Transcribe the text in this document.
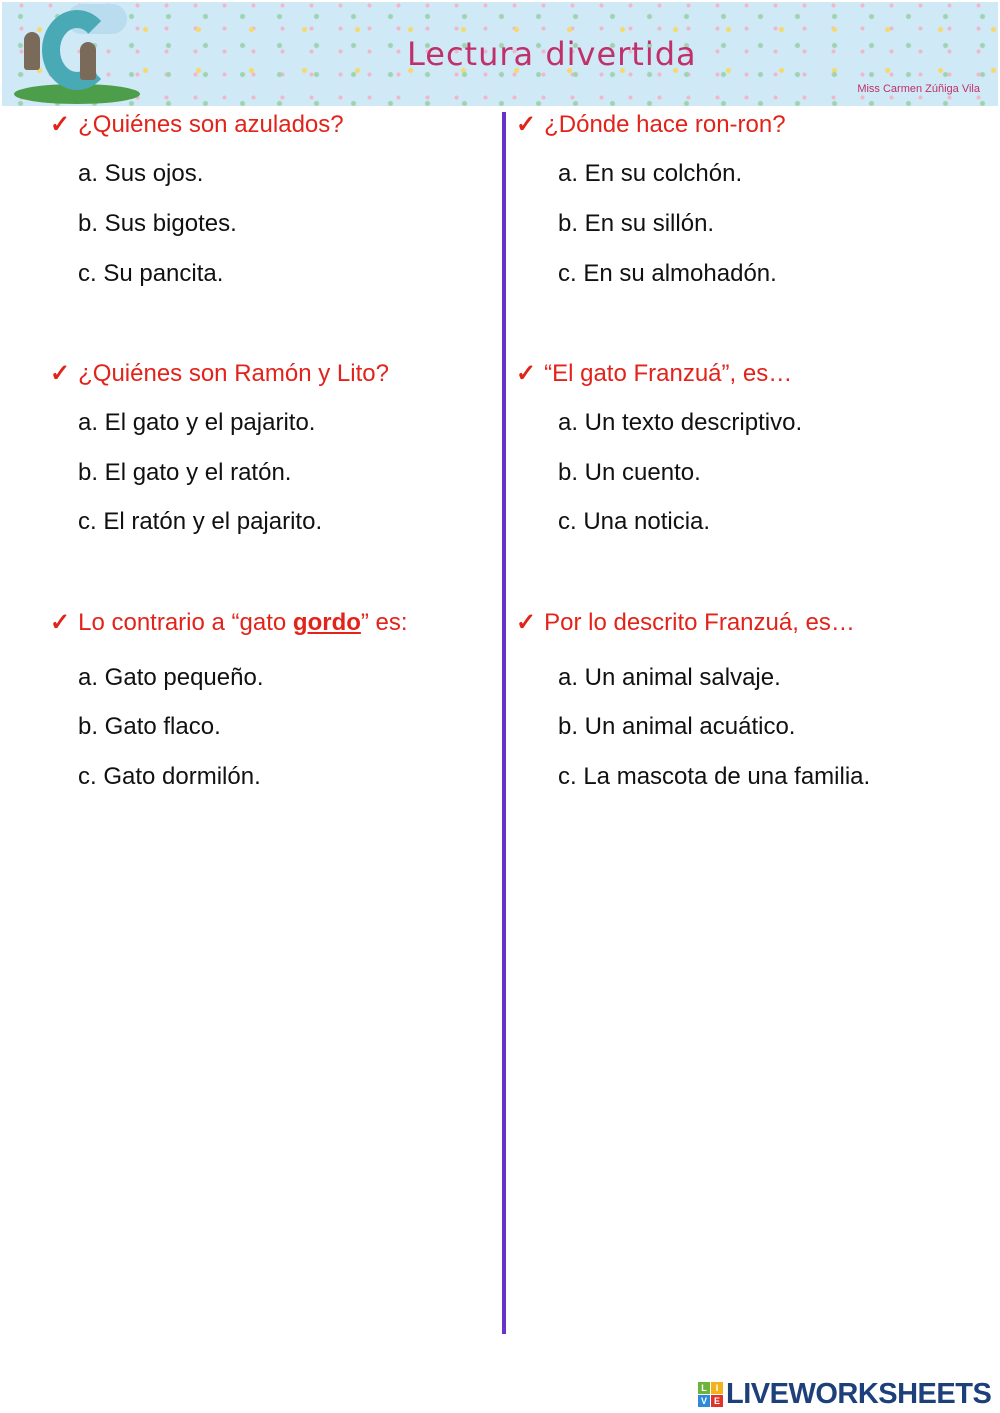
Lectura divertida
Miss Carmen Zúñiga Vila
✓ ¿Quiénes son azulados?
a. Sus ojos.
b. Sus bigotes.
c. Su pancita.
✓ ¿Quiénes son Ramón y Lito?
a. El gato y el pajarito.
b. El gato y el ratón.
c. El ratón y el pajarito.
✓ Lo contrario a “gato gordo” es:
a. Gato pequeño.
b. Gato flaco.
c. Gato dormilón.
✓ ¿Dónde hace ron-ron?
a. En su colchón.
b. En su sillón.
c. En su almohadón.
✓ “El gato Franzuá”, es…
a. Un texto descriptivo.
b. Un cuento.
c. Una noticia.
✓ Por lo descrito Franzuá, es…
a. Un animal salvaje.
b. Un animal acuático.
c. La mascota de una familia.
L I
V E LIVEWORKSHEETS
